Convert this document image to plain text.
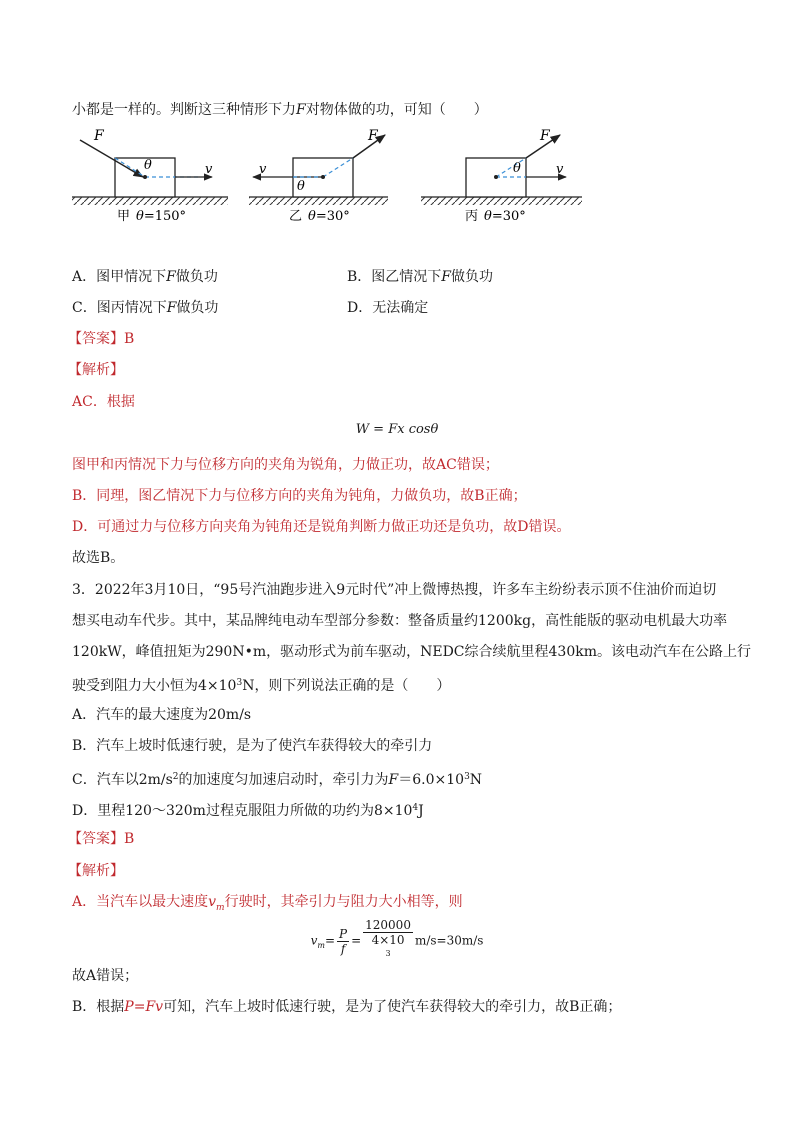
小都是一样的。判断这三种情形下力F对物体做的功，可知（　　）
F
θ	v
甲 θ=150°
F
θ
v
乙 θ=30°
F
θ	v
丙 θ=30°
A．图甲情况下F做负功	B．图乙情况下F做负功
C．图丙情况下F做负功	D．无法确定
【答案】B
【解析】
AC．根据
W = Fx cosθ
图甲和丙情况下力与位移方向的夹角为锐角，力做正功，故AC错误；
B．同理，图乙情况下力与位移方向的夹角为钝角，力做负功，故B正确；
D．可通过力与位移方向夹角为钝角还是锐角判断力做正功还是负功，故D错误。
故选B。
3．2022年3月10日，“95号汽油跑步进入9元时代”冲上微博热搜，许多车主纷纷表示顶不住油价而迫切
想买电动车代步。其中，某品牌纯电动车型部分参数：整备质量约1200kg，高性能版的驱动电机最大功率
120kW，峰值扭矩为290N•m，驱动形式为前车驱动，NEDC综合续航里程430km。该电动汽车在公路上行
驶受到阻力大小恒为$4\times 10^3N$，则下列说法正确的是（　　）
A．汽车的最大速度为20m/s
B．汽车上坡时低速行驶，是为了使汽车获得较大的牵引力
C．汽车以$2m/s^2$的加速度匀加速启动时，牵引力为$F=6.0\times 10^3N$
D．里程120～320m过程克服阻力所做的功约为$8\times 10^4J$
【答案】B
【解析】
A．当汽车以最大速度$v_m$行驶时，其牵引力与阻力大小相等，则
$v_m= \frac{P}{f} = 120000$
4×10
$^3$ m/s=30m/s
故A错误；
B．根据P=Fv可知，汽车上坡时低速行驶，是为了使汽车获得较大的牵引力，故B正确；
